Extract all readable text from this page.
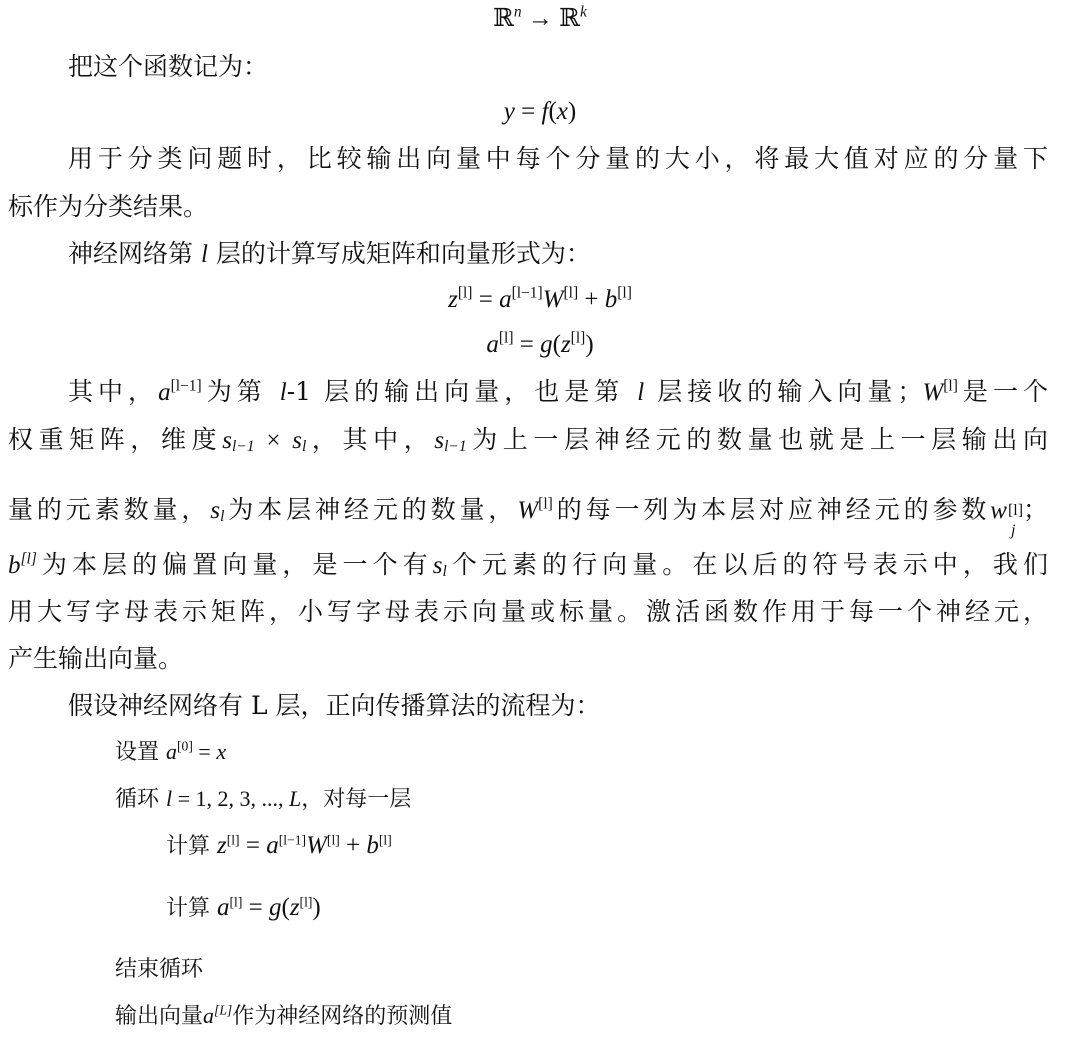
ℝ$^n$ → ℝ$^k$
把这个函数记为：
y = f(x)
用于分类问题时，比较输出向量中每个分量的大小，将最大值对应的分量下
标作为分类结果。
神经网络第 l 层的计算写成矩阵和向量形式为：
z[l] = a[l−1]W[l] + b[l]
a[l] = g(z[l])
其中，a[l−1]为第 l-1 层的输出向量，也是第 l 层接收的输入向量；W[l]是一个
权重矩阵，维度$s_{l-1} \times s_l$，其中，$s_{l-1}$为上一层神经元的数量也就是上一层输出向
量的元素数量，$s_l$为本层神经元的数量，W[l]的每一列为本层对应神经元的参数w [l]
j
；
b[l]为本层的偏置向量，是一个有$s_l$个元素的行向量。在以后的符号表示中，我们
用大写字母表示矩阵，小写字母表示向量或标量。激活函数作用于每一个神经元，
产生输出向量。
假设神经网络有 L 层，正向传播算法的流程为：
设置 a[0] = x
循环 l = 1, 2, 3, ..., L，对每一层
计算 z[l] = a[l−1]W[l] + b[l]
计算 a[l] = g(z[l])
结束循环
输出向量a[L]作为神经网络的预测值
